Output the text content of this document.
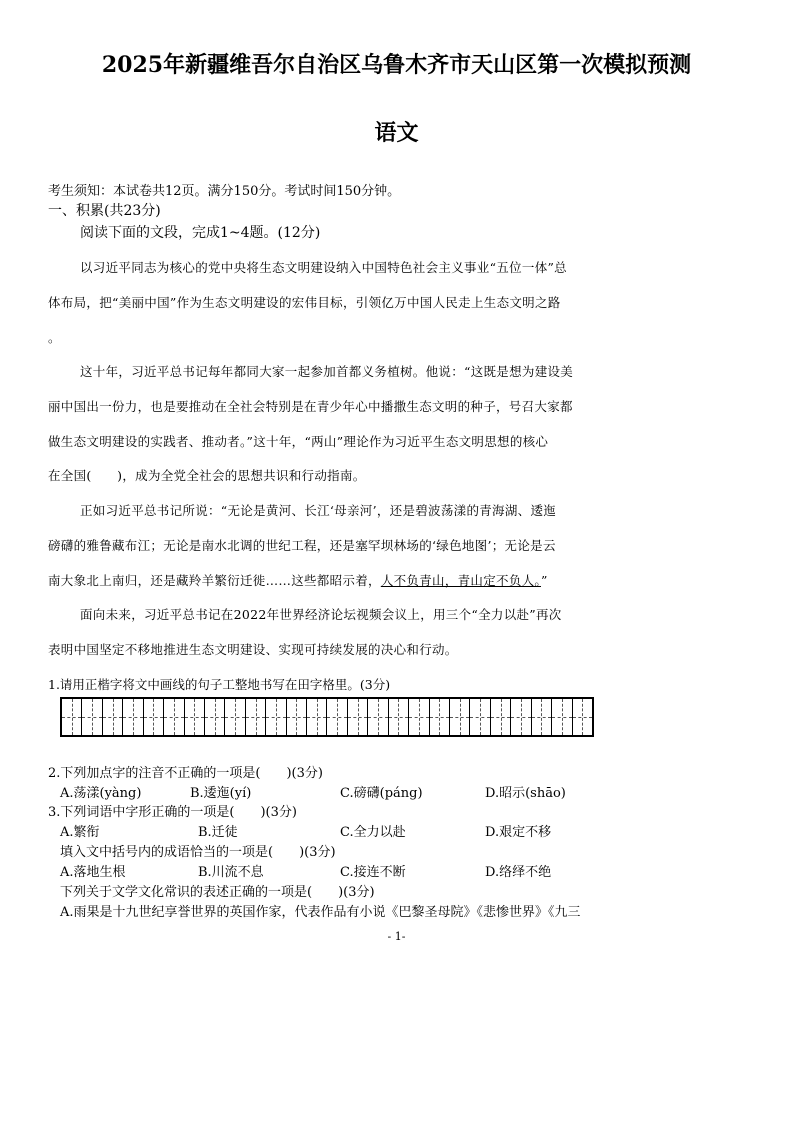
2025年新疆维吾尔自治区乌鲁木齐市天山区第一次模拟预测
语文
考生须知：本试卷共12页。满分150分。考试时间150分钟。
一、积累(共23分)
阅读下面的文段，完成1~4题。(12分)
以习近平同志为核心的党中央将生态文明建设纳入中国特色社会主义事业“五位一体”总
体布局，把“美丽中国”作为生态文明建设的宏伟目标，引领亿万中国人民走上生态文明之路
。
这十年，习近平总书记每年都同大家一起参加首都义务植树。他说：“这既是想为建设美
丽中国出一份力，也是要推动在全社会特别是在青少年心中播撒生态文明的种子，号召大家都
做生态文明建设的实践者、推动者。”这十年，“两山”理论作为习近平生态文明思想的核心
在全国(　　)，成为全党全社会的思想共识和行动指南。
正如习近平总书记所说：“无论是黄河、长江‘母亲河’，还是碧波荡漾的青海湖、逶迤
磅礴的雅鲁藏布江；无论是南水北调的世纪工程，还是塞罕坝林场的‘绿色地图’；无论是云
南大象北上南归，还是藏羚羊繁衍迁徙……这些都昭示着，人不负青山，青山定不负人。”
面向未来，习近平总书记在2022年世界经济论坛视频会议上，用三个“全力以赴”再次
表明中国坚定不移地推进生态文明建设、实现可持续发展的决心和行动。
1.请用正楷字将文中画线的句子工整地书写在田字格里。(3分)
2.下列加点字的注音不正确的一项是(　　)(3分)
A.荡漾(yàng)	B.逶迤(yí)	C.磅礴(páng)	D.昭示(shāo)
3.下列词语中字形正确的一项是(　　)(3分)
A.繁衔	B.迁徒	C.全力以赴	D.艰定不移
填入文中括号内的成语恰当的一项是(　　)(3分)
A.落地生根	B.川流不息	C.接连不断	D.络绎不绝
下列关于文学文化常识的表述正确的一项是(　　)(3分)
A.雨果是十九世纪享誉世界的英国作家，代表作品有小说《巴黎圣母院》《悲惨世界》《九三
- 1-
